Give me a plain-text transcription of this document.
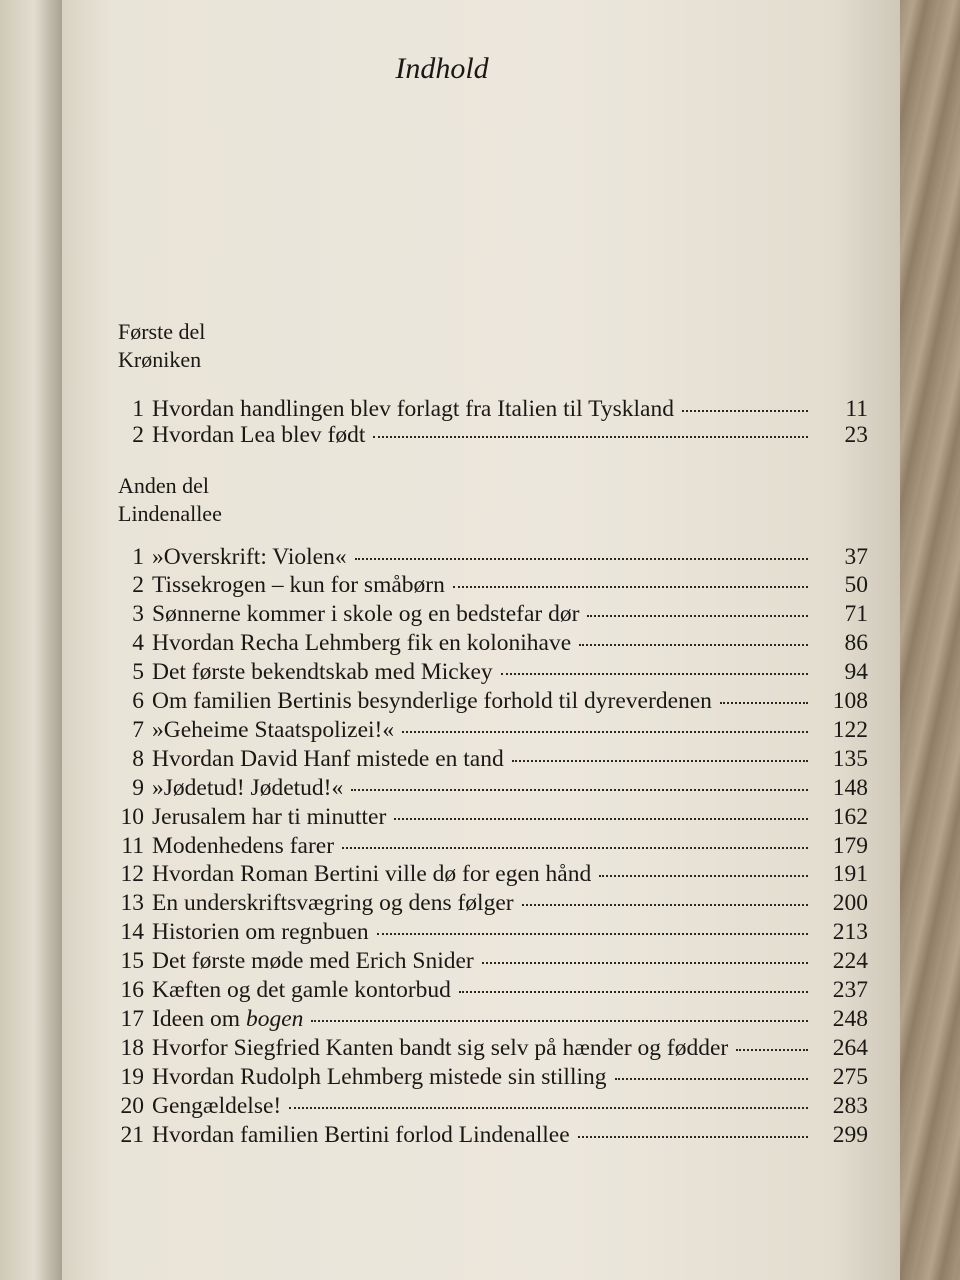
Indhold
Første del
Krøniken
1 Hvordan handlingen blev forlagt fra Italien til Tyskland	11
2 Hvordan Lea blev født	23
Anden del
Lindenallee
1 »Overskrift: Violen«	37
2 Tissekrogen – kun for småbørn	50
3 Sønnerne kommer i skole og en bedstefar dør	71
4 Hvordan Recha Lehmberg fik en kolonihave	86
5 Det første bekendtskab med Mickey	94
6 Om familien Bertinis besynderlige forhold til dyreverdenen	108
7 »Geheime Staatspolizei!«	122
8 Hvordan David Hanf mistede en tand	135
9 »Jødetud! Jødetud!«	148
10 Jerusalem har ti minutter	162
11 Modenhedens farer	179
12 Hvordan Roman Bertini ville dø for egen hånd	191
13 En underskriftsvægring og dens følger	200
14 Historien om regnbuen	213
15 Det første møde med Erich Snider	224
16 Kæften og det gamle kontorbud	237
17 Ideen om bogen	248
18 Hvorfor Siegfried Kanten bandt sig selv på hænder og fødder	264
19 Hvordan Rudolph Lehmberg mistede sin stilling	275
20 Gengældelse!	283
21 Hvordan familien Bertini forlod Lindenallee	299
